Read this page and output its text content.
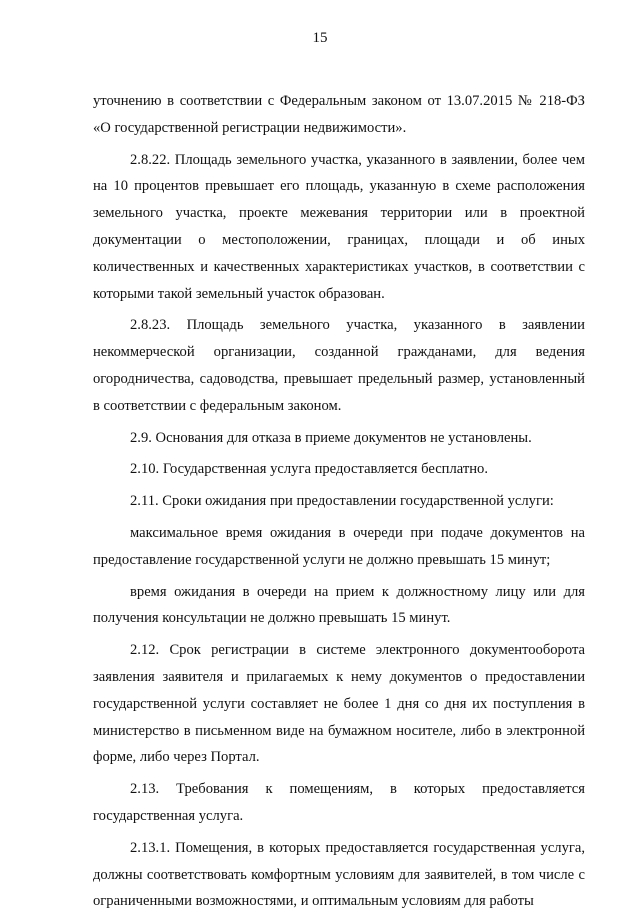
15

уточнению в соответствии с Федеральным законом от 13.07.2015 № 218-ФЗ «О государственной регистрации недвижимости».

2.8.22. Площадь земельного участка, указанного в заявлении, более чем на 10 процентов превышает его площадь, указанную в схеме расположения земельного участка, проекте межевания территории или в проектной документации о местоположении, границах, площади и об иных количественных и качественных характеристиках участков, в соответствии с которыми такой земельный участок образован.

2.8.23. Площадь земельного участка, указанного в заявлении некоммерческой организации, созданной гражданами, для ведения огородничества, садоводства, превышает предельный размер, установленный в соответствии с федеральным законом.

2.9. Основания для отказа в приеме документов не установлены.

2.10. Государственная услуга предоставляется бесплатно.

2.11. Сроки ожидания при предоставлении государственной услуги:

максимальное время ожидания в очереди при подаче документов на предоставление государственной услуги не должно превышать 15 минут;

время ожидания в очереди на прием к должностному лицу или для получения консультации не должно превышать 15 минут.

2.12. Срок регистрации в системе электронного документооборота заявления заявителя и прилагаемых к нему документов о предоставлении государственной услуги составляет не более 1 дня со дня их поступления в министерство в письменном виде на бумажном носителе, либо в электронной форме, либо через Портал.

2.13. Требования к помещениям, в которых предоставляется государственная услуга.

2.13.1. Помещения, в которых предоставляется государственная услуга, должны соответствовать комфортным условиям для заявителей, в том числе с ограниченными возможностями, и оптимальным условиям для работы
